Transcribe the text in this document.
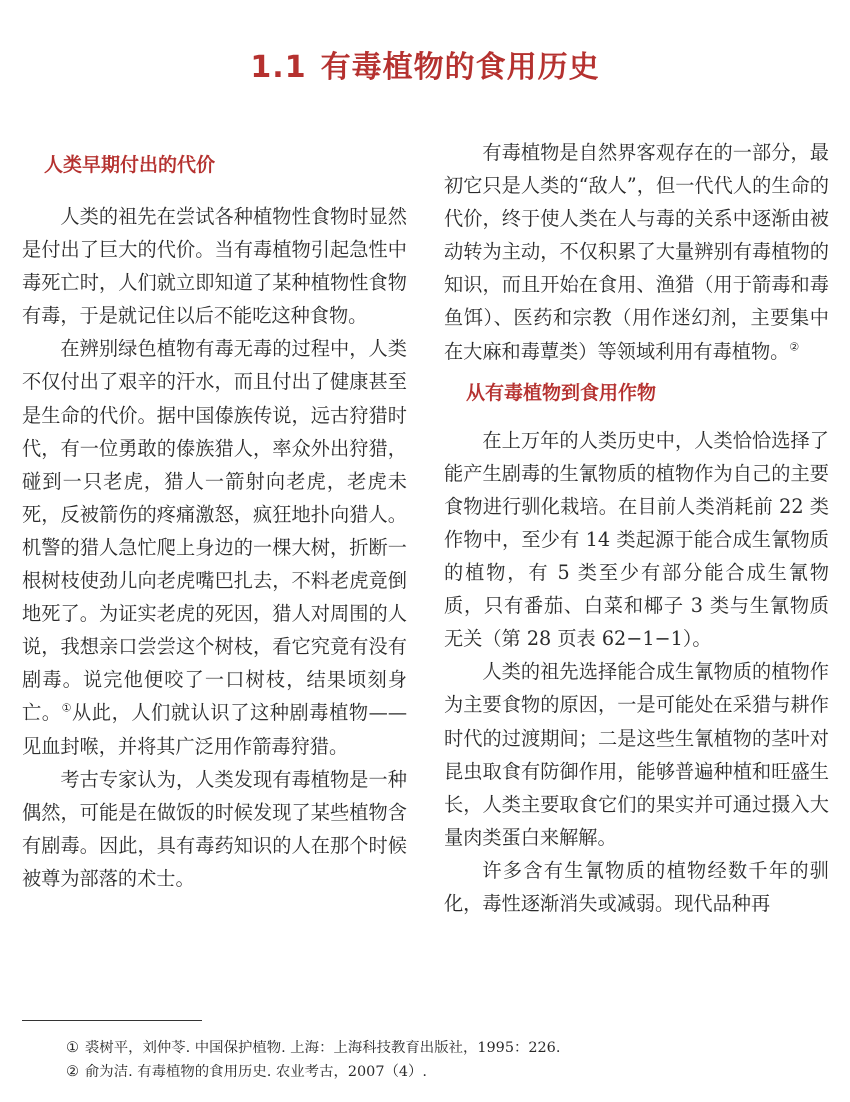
1.1 有毒植物的食用历史
人类早期付出的代价

人类的祖先在尝试各种植物性食物时显然是付出了巨大的代价。当有毒植物引起急性中毒死亡时，人们就立即知道了某种植物性食物有毒，于是就记住以后不能吃这种食物。

在辨别绿色植物有毒无毒的过程中，人类不仅付出了艰辛的汗水，而且付出了健康甚至是生命的代价。据中国傣族传说，远古狩猎时代，有一位勇敢的傣族猎人，率众外出狩猎，碰到一只老虎，猎人一箭射向老虎，老虎未死，反被箭伤的疼痛激怒，疯狂地扑向猎人。机警的猎人急忙爬上身边的一棵大树，折断一根树枝使劲儿向老虎嘴巴扎去，不料老虎竟倒地死了。为证实老虎的死因，猎人对周围的人说，我想亲口尝尝这个树枝，看它究竟有没有剧毒。说完他便咬了一口树枝，结果顷刻身亡。①从此，人们就认识了这种剧毒植物——见血封喉，并将其广泛用作箭毒狩猎。

考古专家认为，人类发现有毒植物是一种偶然，可能是在做饭的时候发现了某些植物含有剧毒。因此，具有毒药知识的人在那个时候被尊为部落的术士。

有毒植物是自然界客观存在的一部分，最初它只是人类的“敌人”，但一代代人的生命的代价，终于使人类在人与毒的关系中逐渐由被动转为主动，不仅积累了大量辨别有毒植物的知识，而且开始在食用、渔猎（用于箭毒和毒鱼饵）、医药和宗教（用作迷幻剂，主要集中在大麻和毒蕈类）等领域利用有毒植物。②

从有毒植物到食用作物

在上万年的人类历史中，人类恰恰选择了能产生剧毒的生氰物质的植物作为自己的主要食物进行驯化栽培。在目前人类消耗前 22 类作物中，至少有 14 类起源于能合成生氰物质的植物，有 5 类至少有部分能合成生氰物质，只有番茄、白菜和椰子 3 类与生氰物质无关（第 28 页表 62−1−1）。

人类的祖先选择能合成生氰物质的植物作为主要食物的原因，一是可能处在采猎与耕作时代的过渡期间；二是这些生氰植物的茎叶对昆虫取食有防御作用，能够普遍种植和旺盛生长，人类主要取食它们的果实并可通过摄入大量肉类蛋白来解解。

许多含有生氰物质的植物经数千年的驯化，毒性逐渐消失或减弱。现代品种再

① 裘树平，刘仲苓. 中国保护植物. 上海：上海科技教育出版社，1995：226.

② 俞为洁. 有毒植物的食用历史. 农业考古，2007（4）.
